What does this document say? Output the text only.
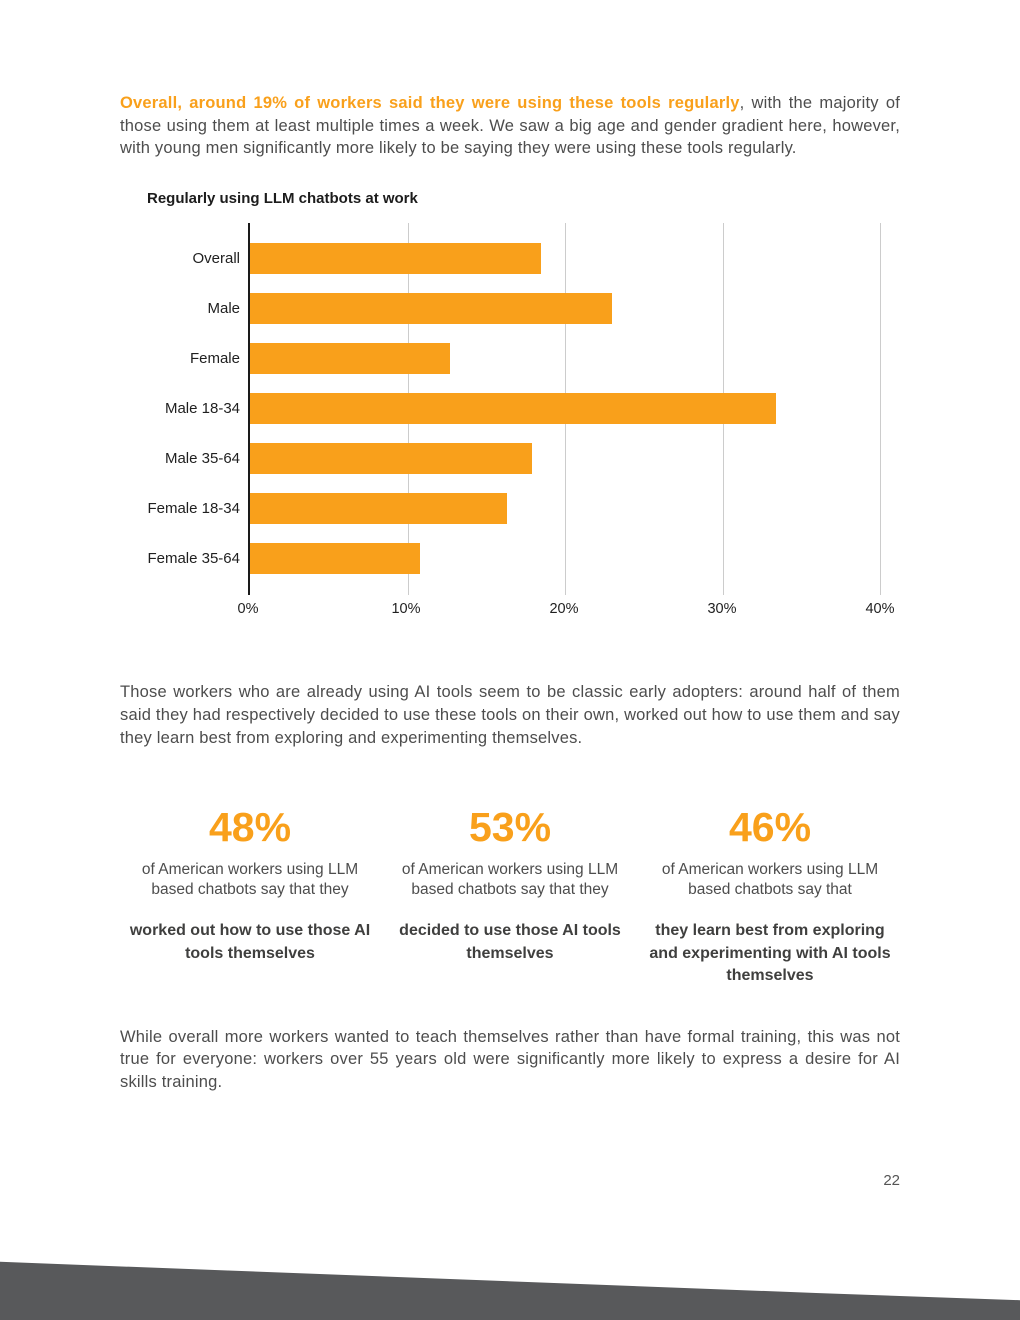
Overall, around 19% of workers said they were using these tools regularly, with the majority of those using them at least multiple times a week. We saw a big age and gender gradient here, however, with young men significantly more likely to be saying they were using these tools regularly.

Regularly using LLM chatbots at work
Overall
Male
Female
Male 18-34
Male 35-64
Female 18-34
Female 35-64
0%	10%	20%	30%	40%

Those workers who are already using AI tools seem to be classic early adopters: around half of them said they had respectively decided to use these tools on their own, worked out how to use them and say they learn best from exploring and experimenting themselves.

48%
of American workers using LLM based chatbots say that they
worked out how to use those AI tools themselves
53%
of American workers using LLM based chatbots say that they
decided to use those AI tools themselves
46%
of American workers using LLM based chatbots say that
they learn best from exploring and experimenting with AI tools themselves

While overall more workers wanted to teach themselves rather than have formal training, this was not true for everyone: workers over 55 years old were significantly more likely to express a desire for AI skills training.

22
